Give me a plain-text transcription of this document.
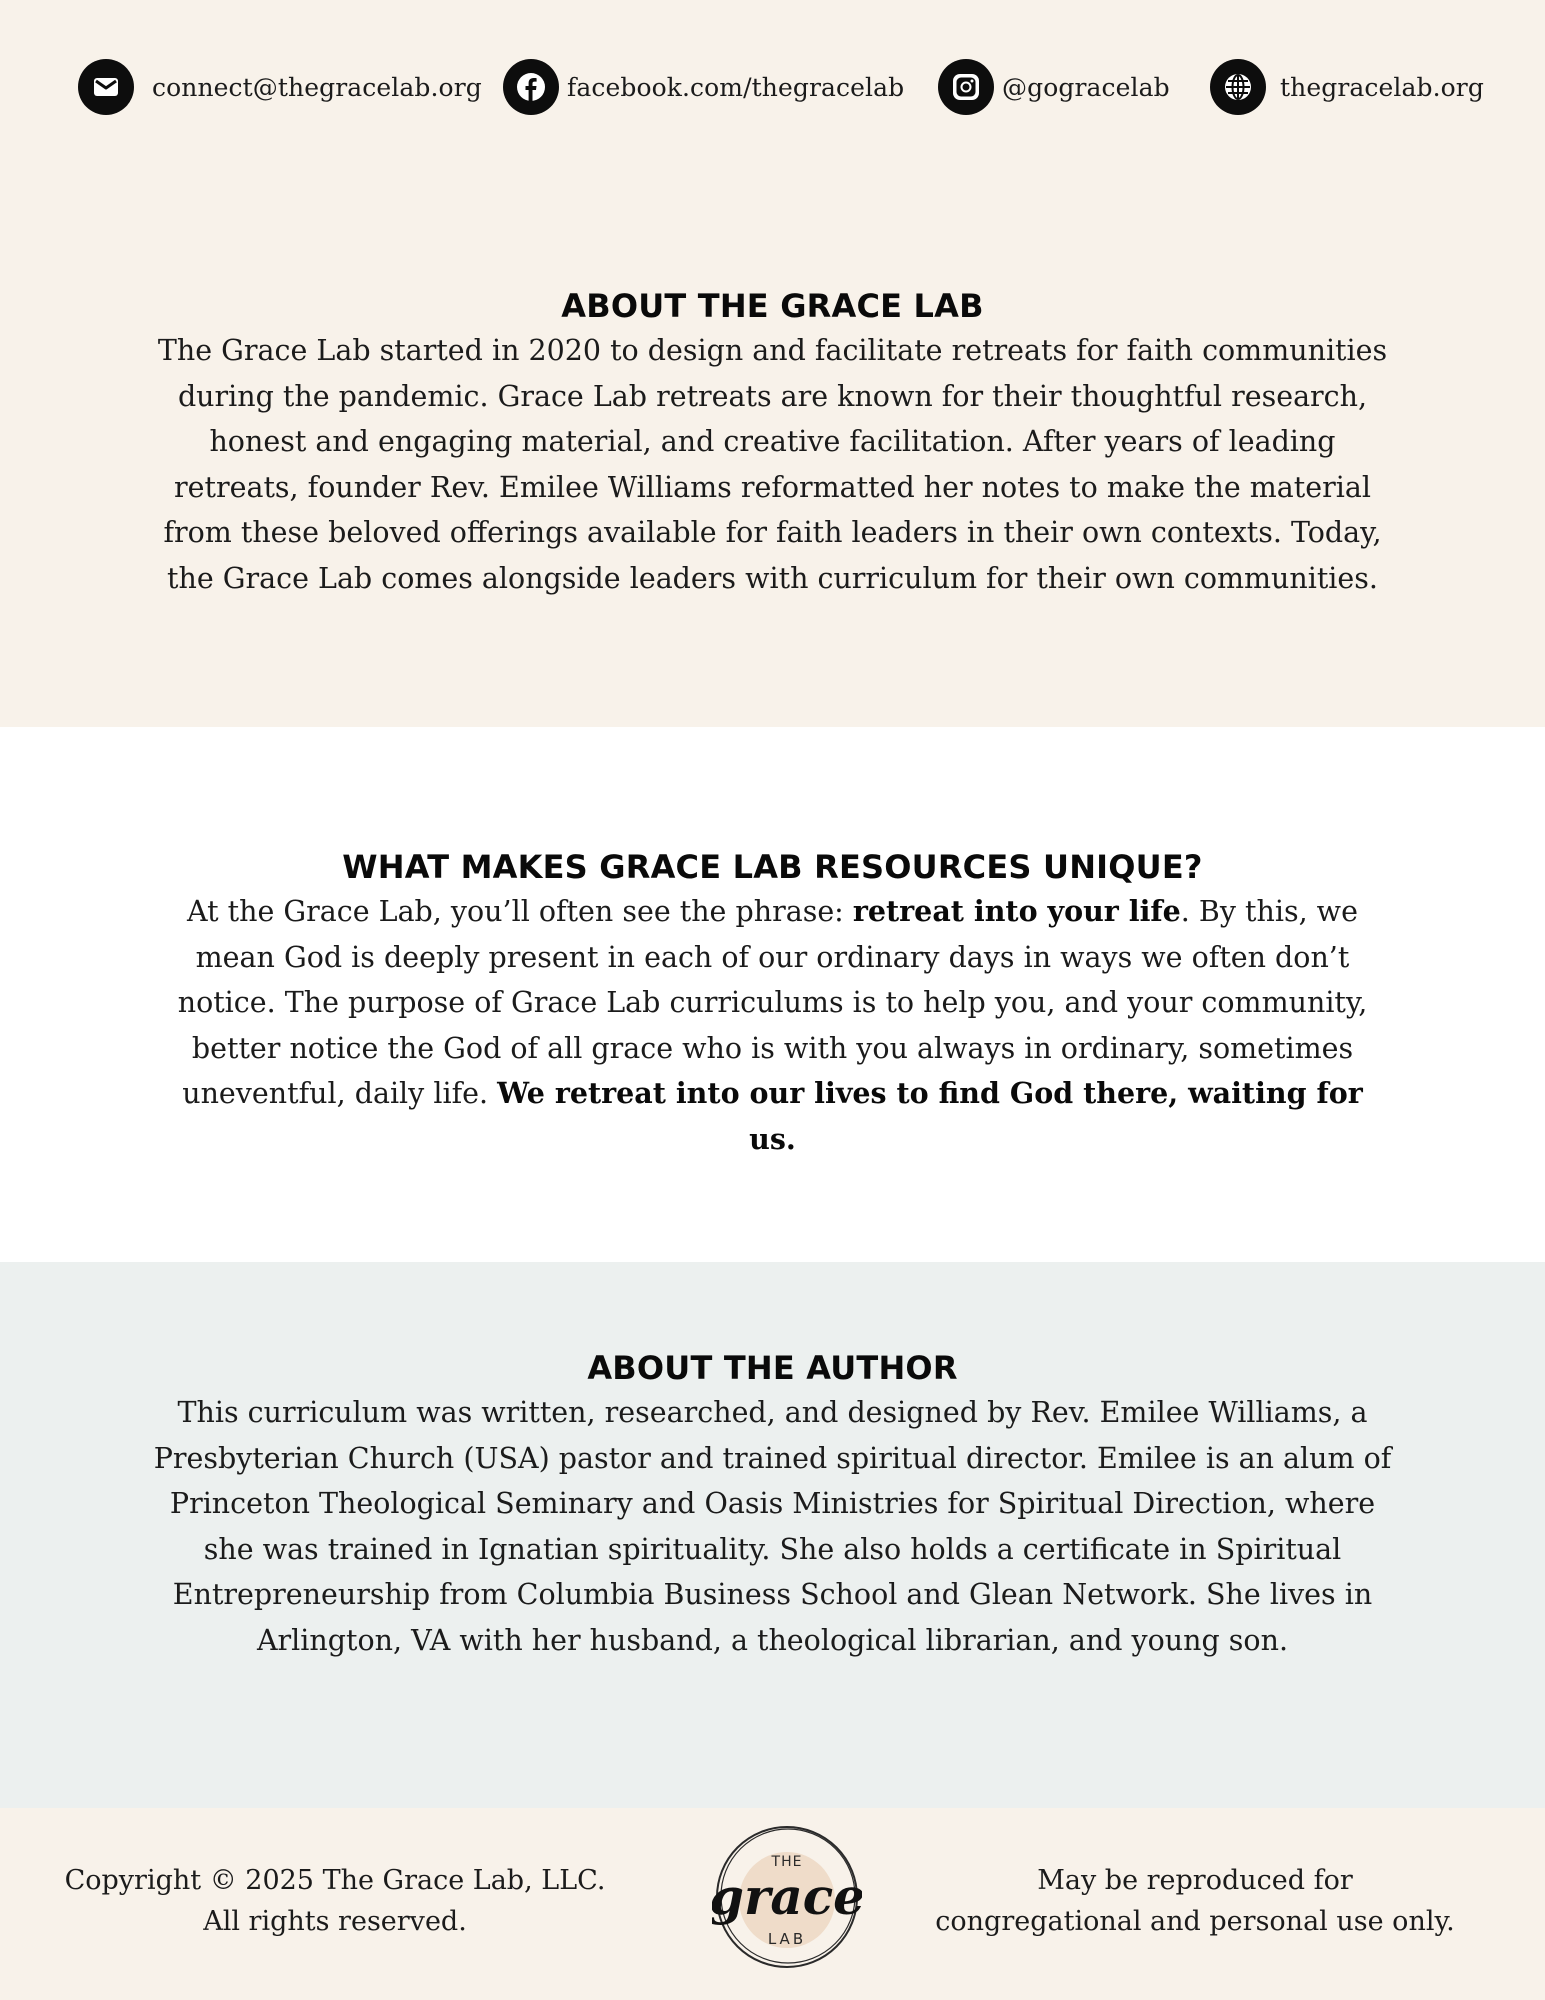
connect@thegracelab.org	facebook.com/thegracelab	@gogracelab	thegracelab.org
ABOUT THE GRACE LAB

The Grace Lab started in 2020 to design and facilitate retreats for faith communities during the pandemic. Grace Lab retreats are known for their thoughtful research, honest and engaging material, and creative facilitation. After years of leading retreats, founder Rev. Emilee Williams reformatted her notes to make the material from these beloved offerings available for faith leaders in their own contexts. Today, the Grace Lab comes alongside leaders with curriculum for their own communities.

WHAT MAKES GRACE LAB RESOURCES UNIQUE?

At the Grace Lab, you’ll often see the phrase: retreat into your life. By this, we mean God is deeply present in each of our ordinary days in ways we often don’t notice. The purpose of Grace Lab curriculums is to help you, and your community, better notice the God of all grace who is with you always in ordinary, sometimes uneventful, daily life. We retreat into our lives to find God there, waiting for us.

ABOUT THE AUTHOR

This curriculum was written, researched, and designed by Rev. Emilee Williams, a Presbyterian Church (USA) pastor and trained spiritual director. Emilee is an alum of Princeton Theological Seminary and Oasis Ministries for Spiritual Direction, where she was trained in Ignatian spirituality. She also holds a certificate in Spiritual Entrepreneurship from Columbia Business School and Glean Network. She lives in Arlington, VA with her husband, a theological librarian, and young son.

Copyright © 2025 The Grace Lab, LLC.
All rights reserved.
THE
grace
LAB
May be reproduced for
congregational and personal use only.
